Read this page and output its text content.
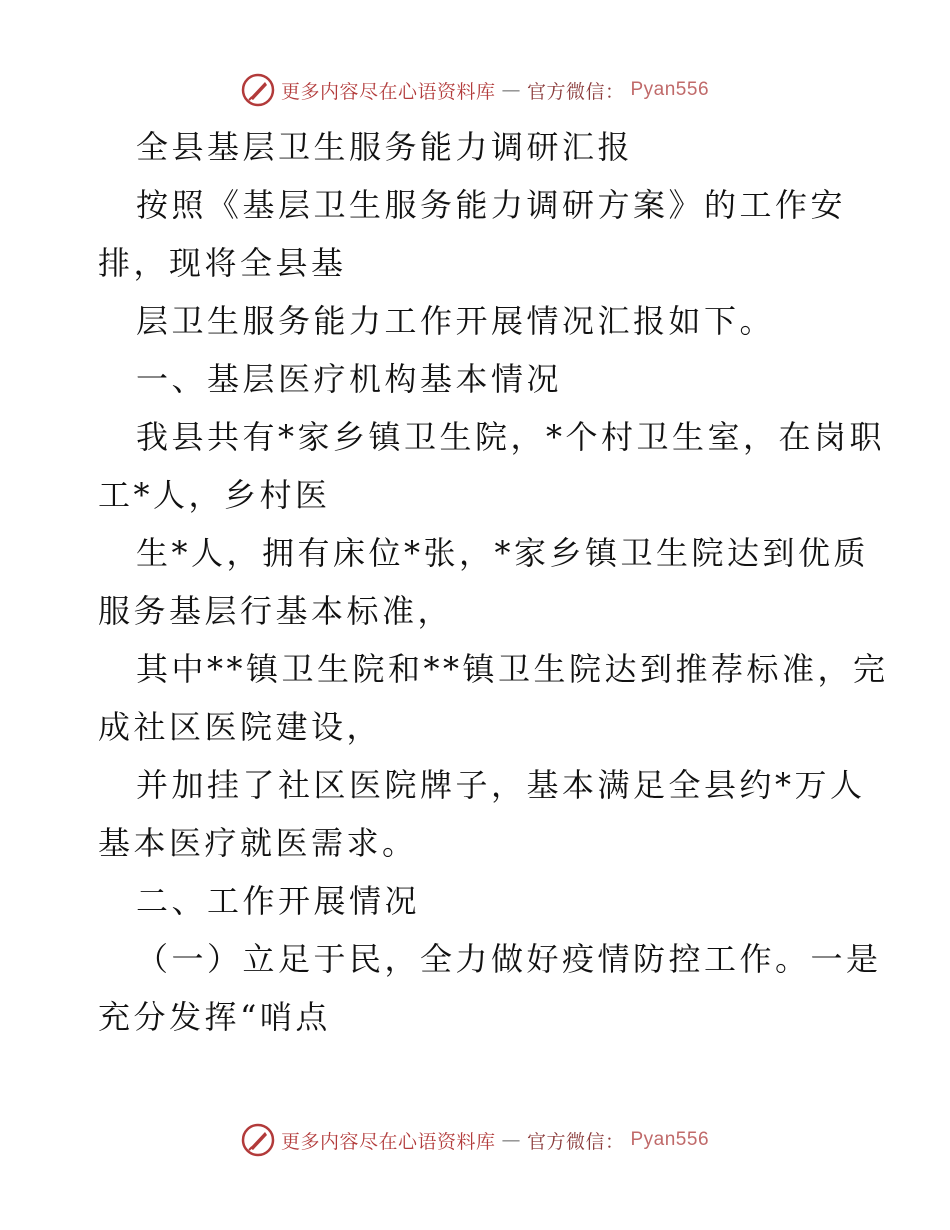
更多内容尽在心语资料库 — 官方微信： Pyan556
全县基层卫生服务能力调研汇报
按照《基层卫生服务能力调研方案》的工作安
排，现将全县基
层卫生服务能力工作开展情况汇报如下。
一、基层医疗机构基本情况
我县共有*家乡镇卫生院，*个村卫生室，在岗职
工*人，乡村医
生*人，拥有床位*张，*家乡镇卫生院达到优质
服务基层行基本标准，
其中**镇卫生院和**镇卫生院达到推荐标准，完
成社区医院建设，
并加挂了社区医院牌子，基本满足全县约*万人
基本医疗就医需求。
二、工作开展情况
（一）立足于民，全力做好疫情防控工作。一是
充分发挥“哨点
更多内容尽在心语资料库 — 官方微信： Pyan556
